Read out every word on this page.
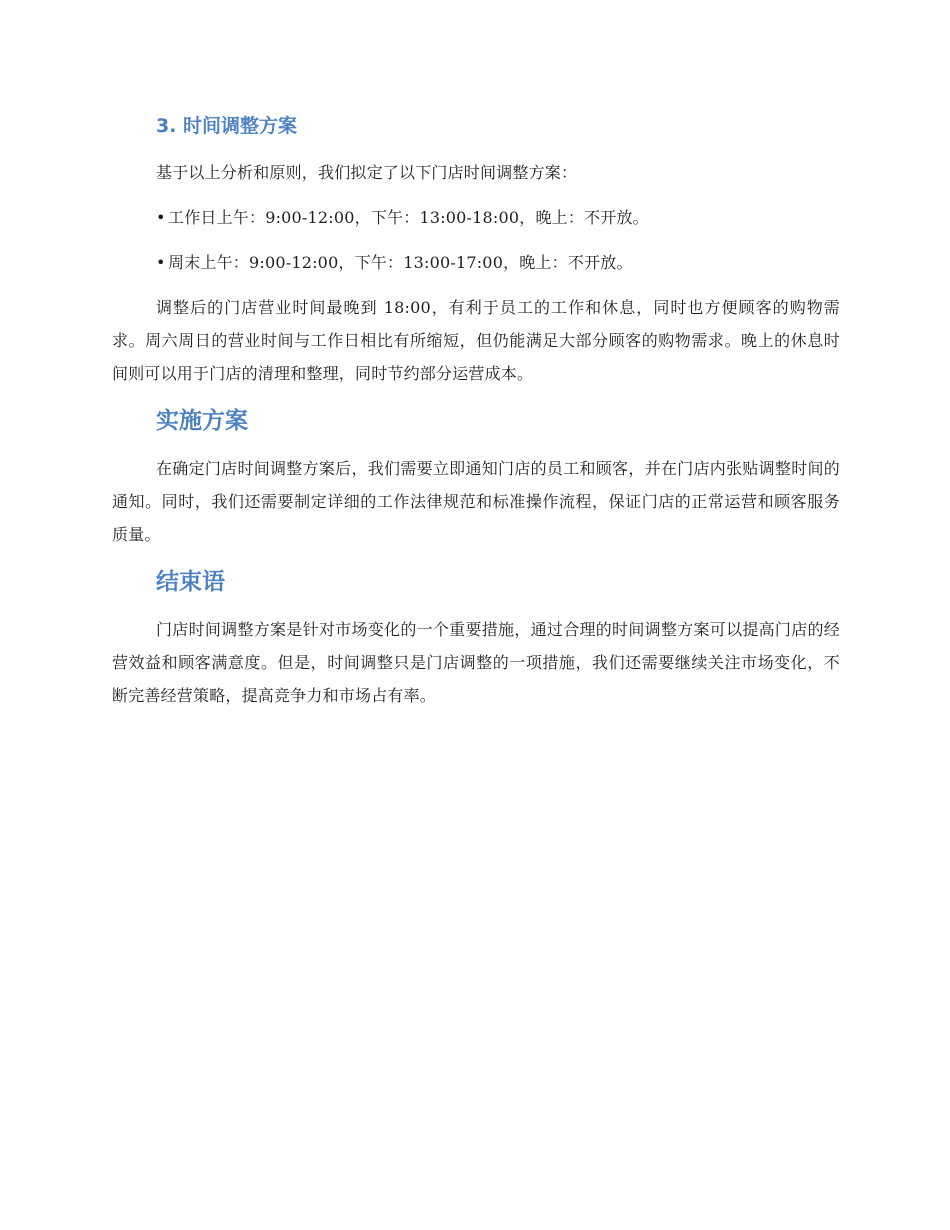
3. 时间调整方案

基于以上分析和原则，我们拟定了以下门店时间调整方案：

• 工作日上午：9:00-12:00，下午：13:00-18:00，晚上：不开放。

• 周末上午：9:00-12:00，下午：13:00-17:00，晚上：不开放。

调整后的门店营业时间最晚到 18:00，有利于员工的工作和休息，同时也方便顾客的购物需求。周六周日的营业时间与工作日相比有所缩短，但仍能满足大部分顾客的购物需求。晚上的休息时间则可以用于门店的清理和整理，同时节约部分运营成本。

实施方案

在确定门店时间调整方案后，我们需要立即通知门店的员工和顾客，并在门店内张贴调整时间的通知。同时，我们还需要制定详细的工作法律规范和标准操作流程，保证门店的正常运营和顾客服务质量。

结束语

门店时间调整方案是针对市场变化的一个重要措施，通过合理的时间调整方案可以提高门店的经营效益和顾客满意度。但是，时间调整只是门店调整的一项措施，我们还需要继续关注市场变化，不断完善经营策略，提高竞争力和市场占有率。
